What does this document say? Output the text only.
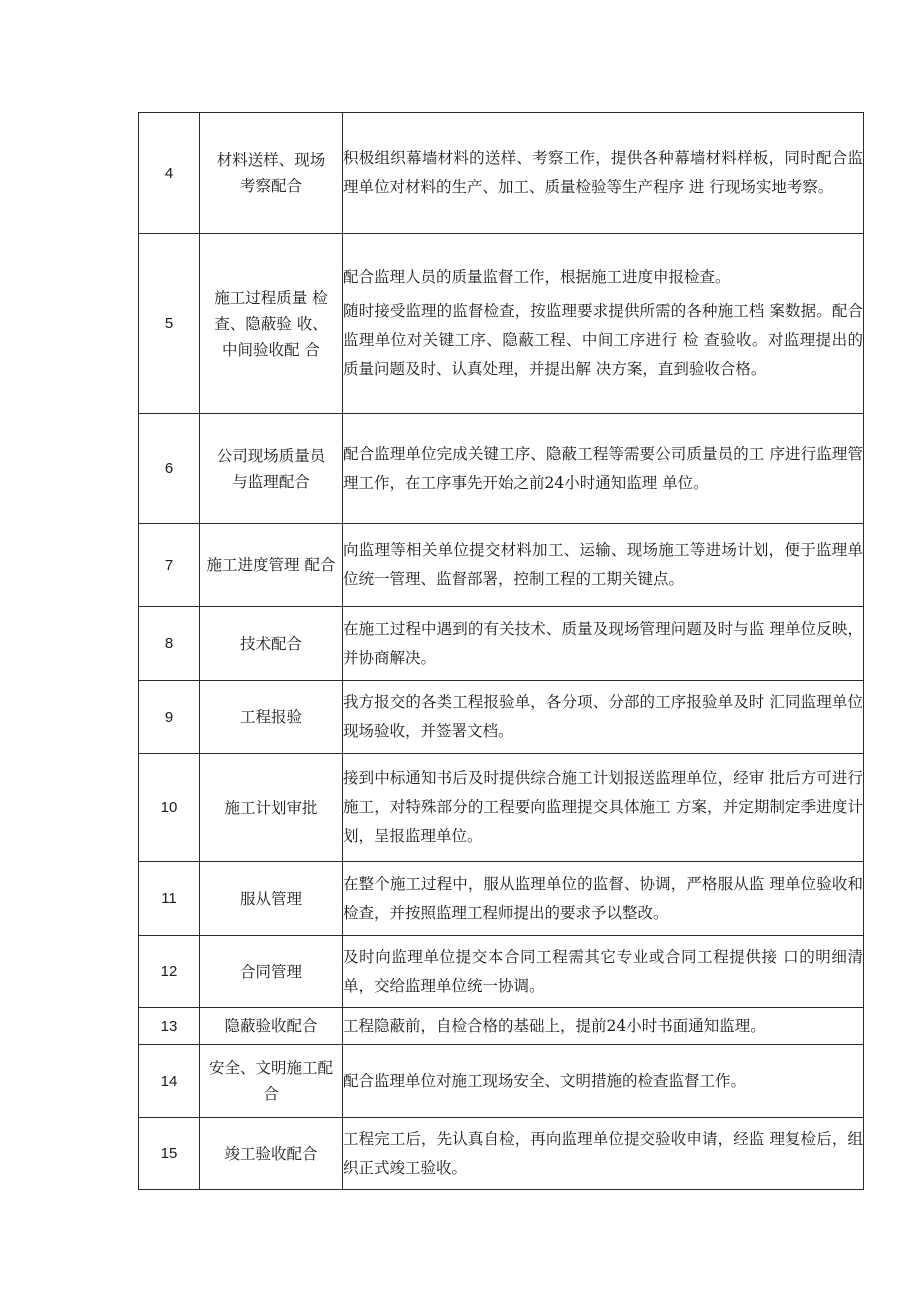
4	材料送样、现场考察配合	积极组织幕墙材料的送样、考察工作，提供各种幕墙材料样板，同时配合监理单位对材料的生产、加工、质量检验等生产程序 进 行现场实地考察。

5	施工过程质量 检查、隐蔽验 收、中间验收配 合	配合监理人员的质量监督工作，根据施工进度申报检查。

随时接受监理的监督检查，按监理要求提供所需的各种施工档 案数据。配合监理单位对关键工序、隐蔽工程、中间工序进行 检 查验收。对监理提出的质量问题及时、认真处理，并提出解 决方案，直到验收合格。

6	公司现场质量员与监理配合	配合监理单位完成关键工序、隐蔽工程等需要公司质量员的工 序进行监理管理工作，在工序事先开始之前24小时通知监理 单位。

7	施工进度管理 配合	向监理等相关单位提交材料加工、运输、现场施工等进场计划，便于监理单位统一管理、监督部署，控制工程的工期关键点。

8	技术配合	在施工过程中遇到的有关技术、质量及现场管理问题及时与监 理单位反映，并协商解决。

9	工程报验	我方报交的各类工程报验单，各分项、分部的工序报验单及时 汇同监理单位现场验收，并签署文档。

10	施工计划审批	接到中标通知书后及时提供综合施工计划报送监理单位，经审 批后方可进行施工，对特殊部分的工程要向监理提交具体施工 方案，并定期制定季进度计划，呈报监理单位。

11	服从管理	在整个施工过程中，服从监理单位的监督、协调，严格服从监 理单位验收和检查，并按照监理工程师提出的要求予以整改。

12	合同管理	及时向监理单位提交本合同工程需其它专业或合同工程提供接 口的明细清单，交给监理单位统一协调。

13	隐蔽验收配合	工程隐蔽前，自检合格的基础上，提前24小时书面通知监理。

14	安全、文明施工配合	配合监理单位对施工现场安全、文明措施的检查监督工作。

15	竣工验收配合	工程完工后，先认真自检，再向监理单位提交验收申请，经监 理复检后，组织正式竣工验收。
